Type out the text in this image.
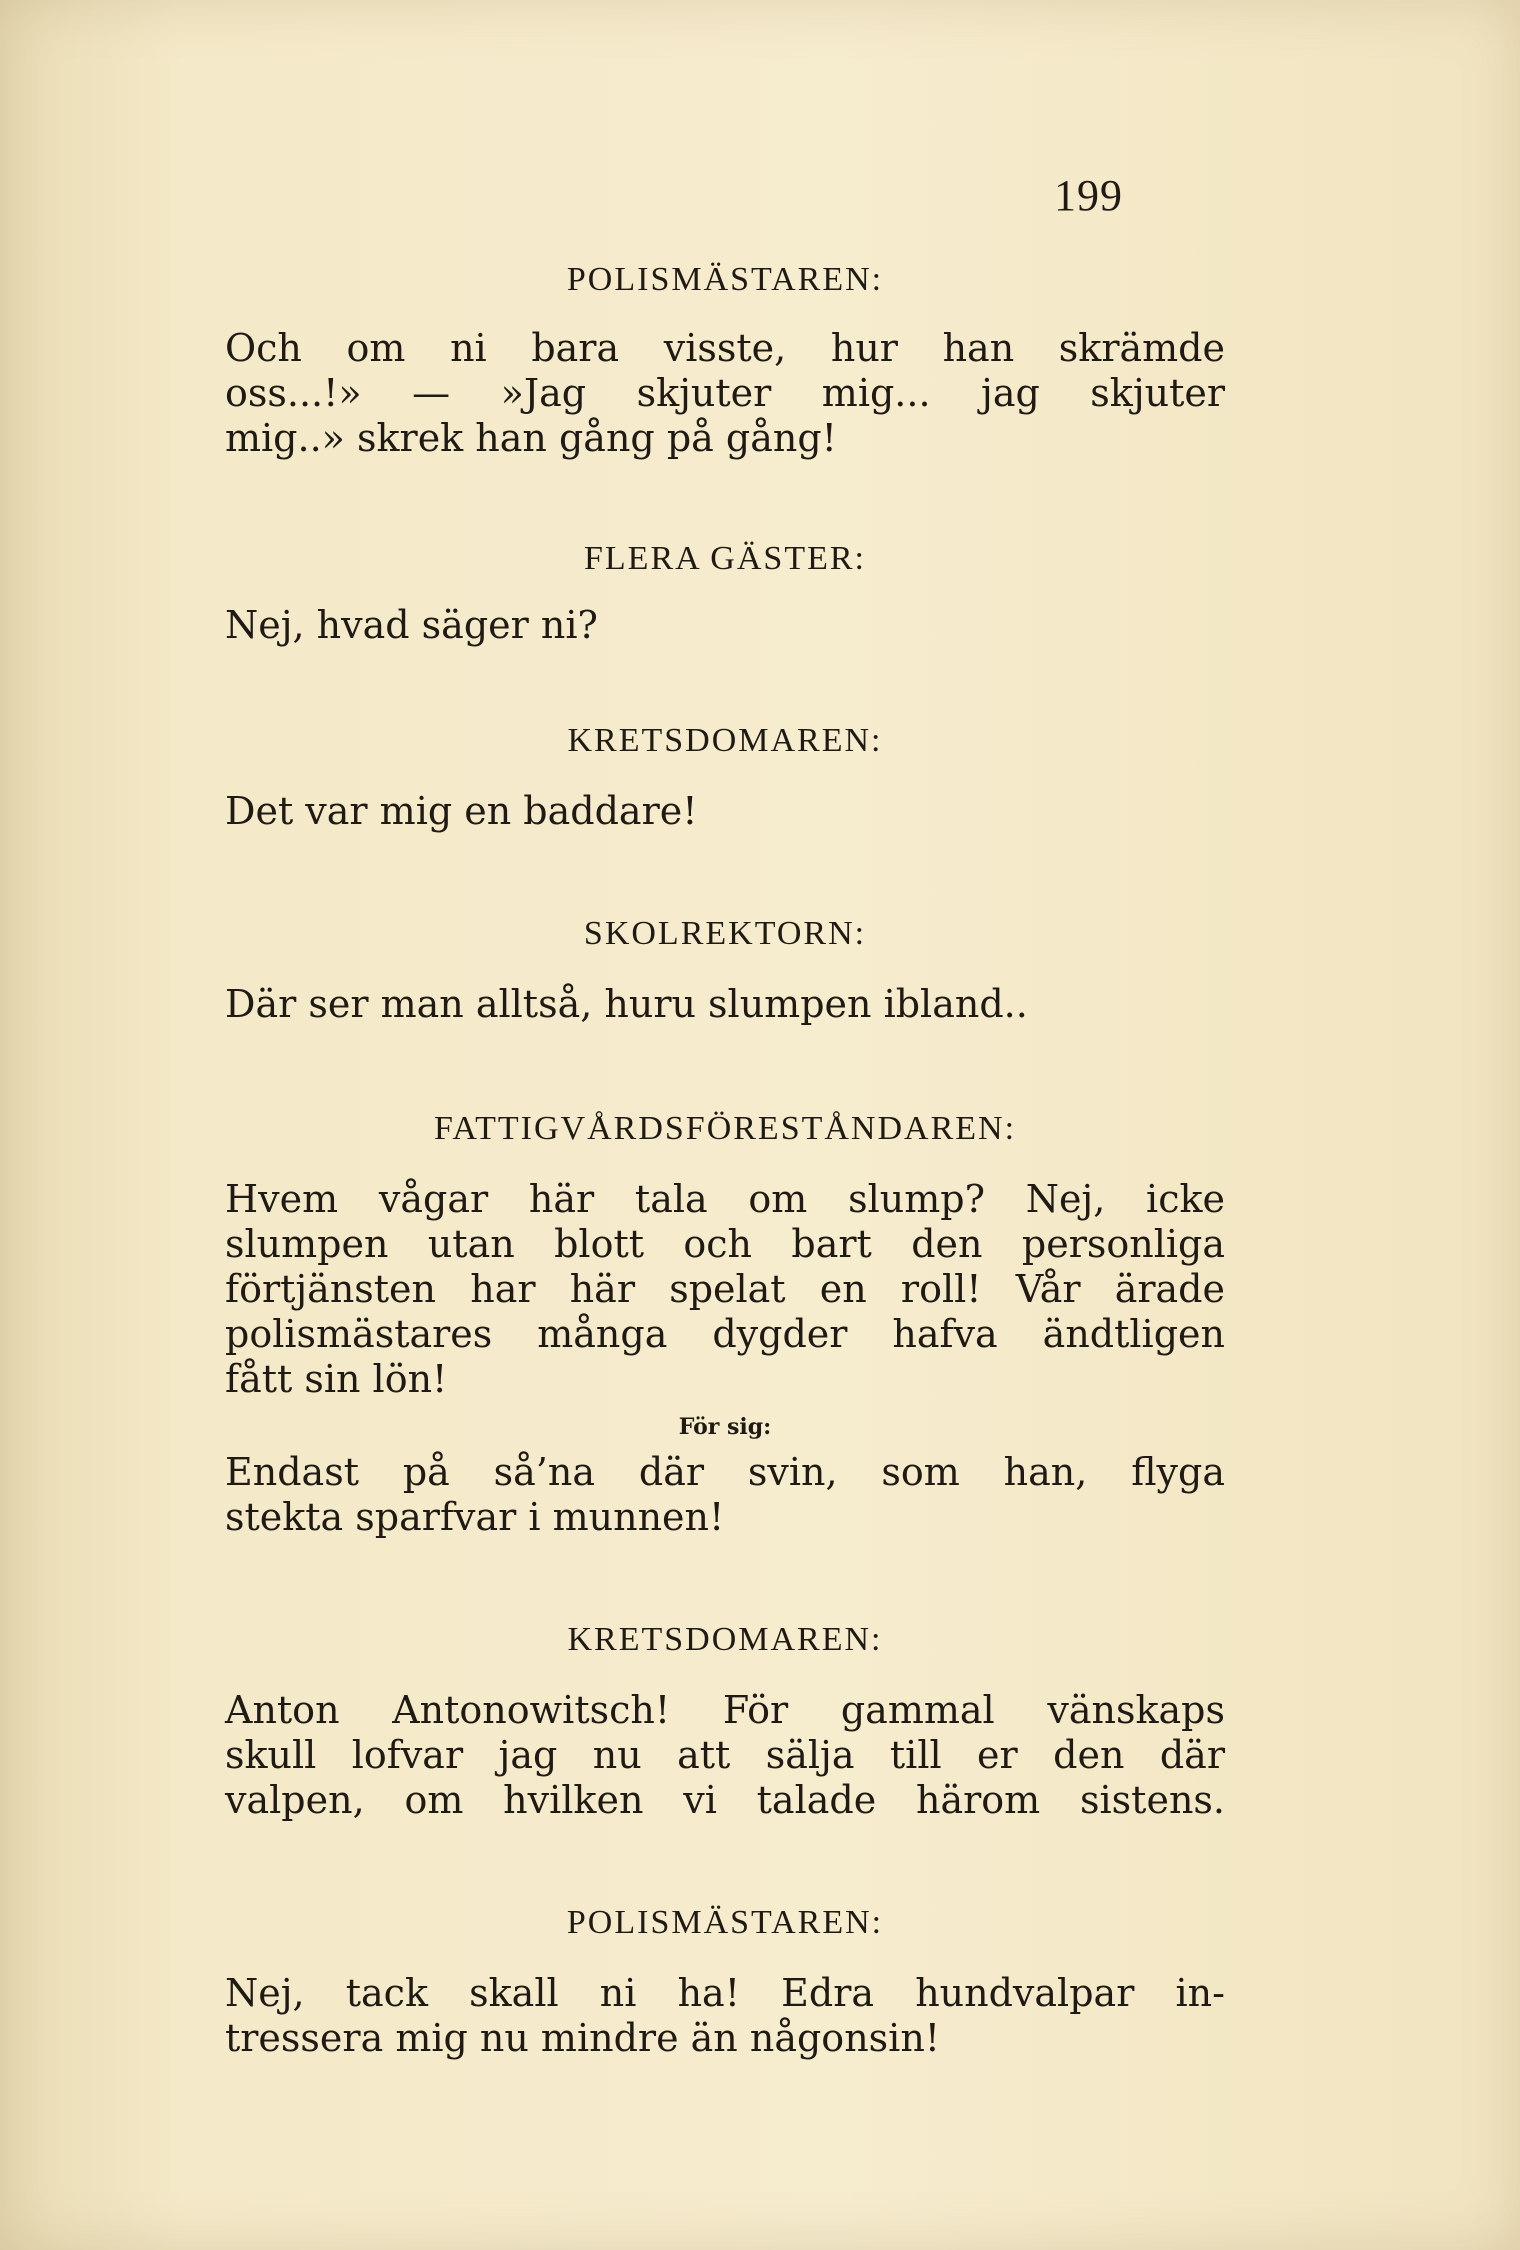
199

POLISMÄSTAREN:

Och om ni bara visste, hur han skrämde

oss...!» — »Jag skjuter mig... jag skjuter

mig..» skrek han gång på gång!

FLERA GÄSTER:

Nej, hvad säger ni?

KRETSDOMAREN:

Det var mig en baddare!

SKOLREKTORN:

Där ser man alltså, huru slumpen ibland..

FATTIGVÅRDSFÖRESTÅNDAREN:

Hvem vågar här tala om slump? Nej, icke

slumpen utan blott och bart den personliga

förtjänsten har här spelat en roll! Vår ärade

polismästares många dygder hafva ändtligen

fått sin lön!

För sig:

Endast på så’na där svin, som han, flyga

stekta sparfvar i munnen!

KRETSDOMAREN:

Anton Antonowitsch! För gammal vänskaps

skull lofvar jag nu att sälja till er den där

valpen, om hvilken vi talade härom sistens.

POLISMÄSTAREN:

Nej, tack skall ni ha! Edra hundvalpar in-

tressera mig nu mindre än någonsin!
